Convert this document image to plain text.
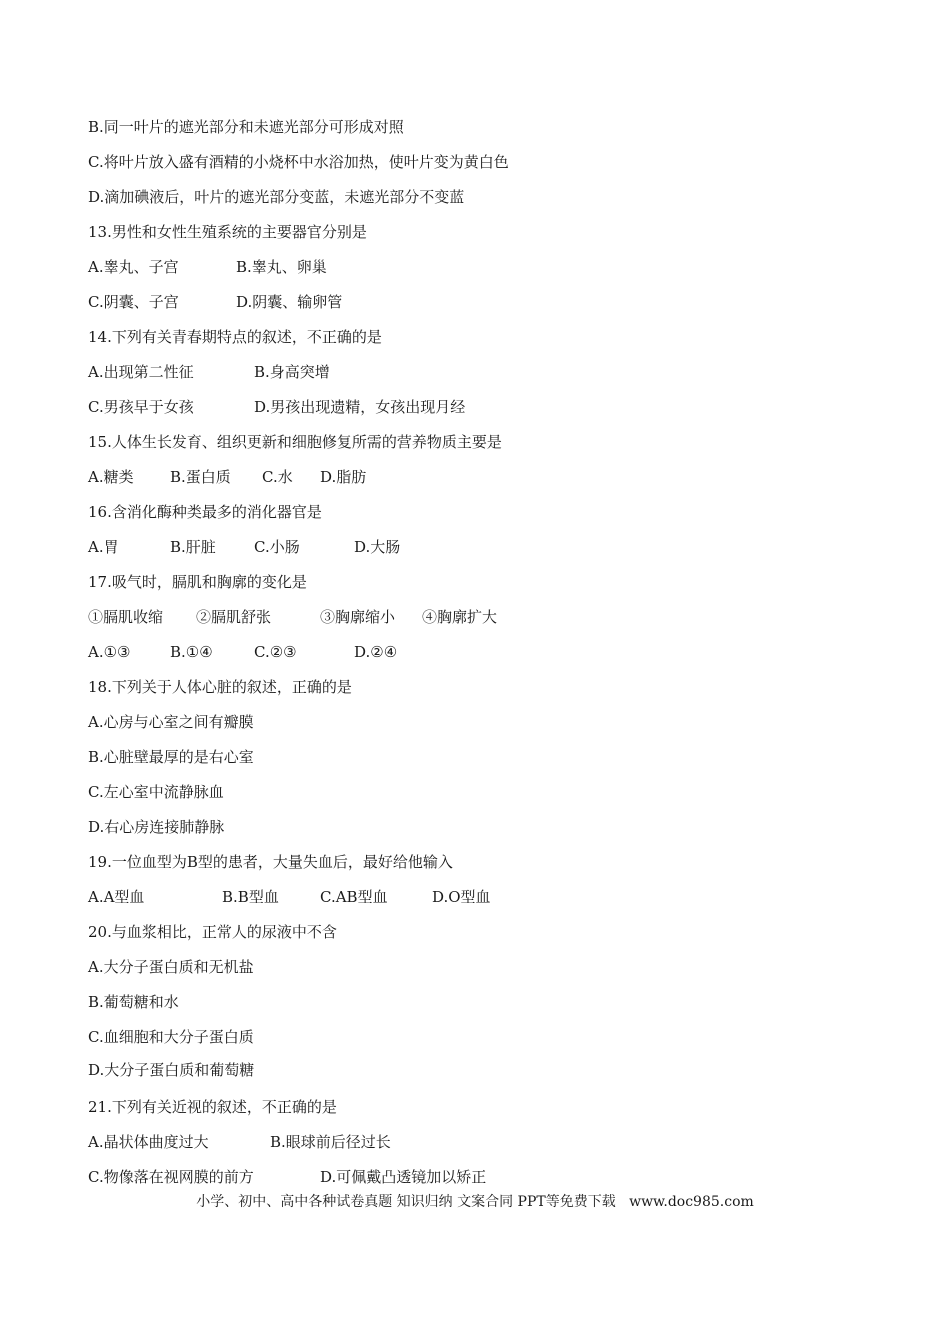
B.同一叶片的遮光部分和未遮光部分可形成对照
C.将叶片放入盛有酒精的小烧杯中水浴加热，使叶片变为黄白色
D.滴加碘液后，叶片的遮光部分变蓝，未遮光部分不变蓝
13.男性和女性生殖系统的主要器官分别是
A.睾丸、子宫	B.睾丸、卵巢
C.阴囊、子宫	D.阴囊、输卵管
14.下列有关青春期特点的叙述，不正确的是
A.出现第二性征	B.身高突增
C.男孩早于女孩	D.男孩出现遗精，女孩出现月经
15.人体生长发育、组织更新和细胞修复所需的营养物质主要是
A.糖类 B.蛋白质 C.水 D.脂肪
16.含消化酶种类最多的消化器官是
A.胃	B.肝脏	C.小肠	D.大肠
17.吸气时，膈肌和胸廓的变化是
①膈肌收缩 ②膈肌舒张	③胸廓缩小 ④胸廓扩大
A.①③	B.①④	C.②③	D.②④
18.下列关于人体心脏的叙述，正确的是
A.心房与心室之间有瓣膜
B.心脏壁最厚的是右心室
C.左心室中流静脉血
D.右心房连接肺静脉
19.一位血型为B型的患者，大量失血后，最好给他输入
A.A型血	B.B型血	C.AB型血	D.O型血
20.与血浆相比，正常人的尿液中不含
A.大分子蛋白质和无机盐
B.葡萄糖和水
C.血细胞和大分子蛋白质
D.大分子蛋白质和葡萄糖
21.下列有关近视的叙述，不正确的是
A.晶状体曲度过大	B.眼球前后径过长
C.物像落在视网膜的前方	D.可佩戴凸透镜加以矫正
小学、初中、高中各种试卷真题 知识归纳 文案合同 PPT等免费下载   www.doc985.com
